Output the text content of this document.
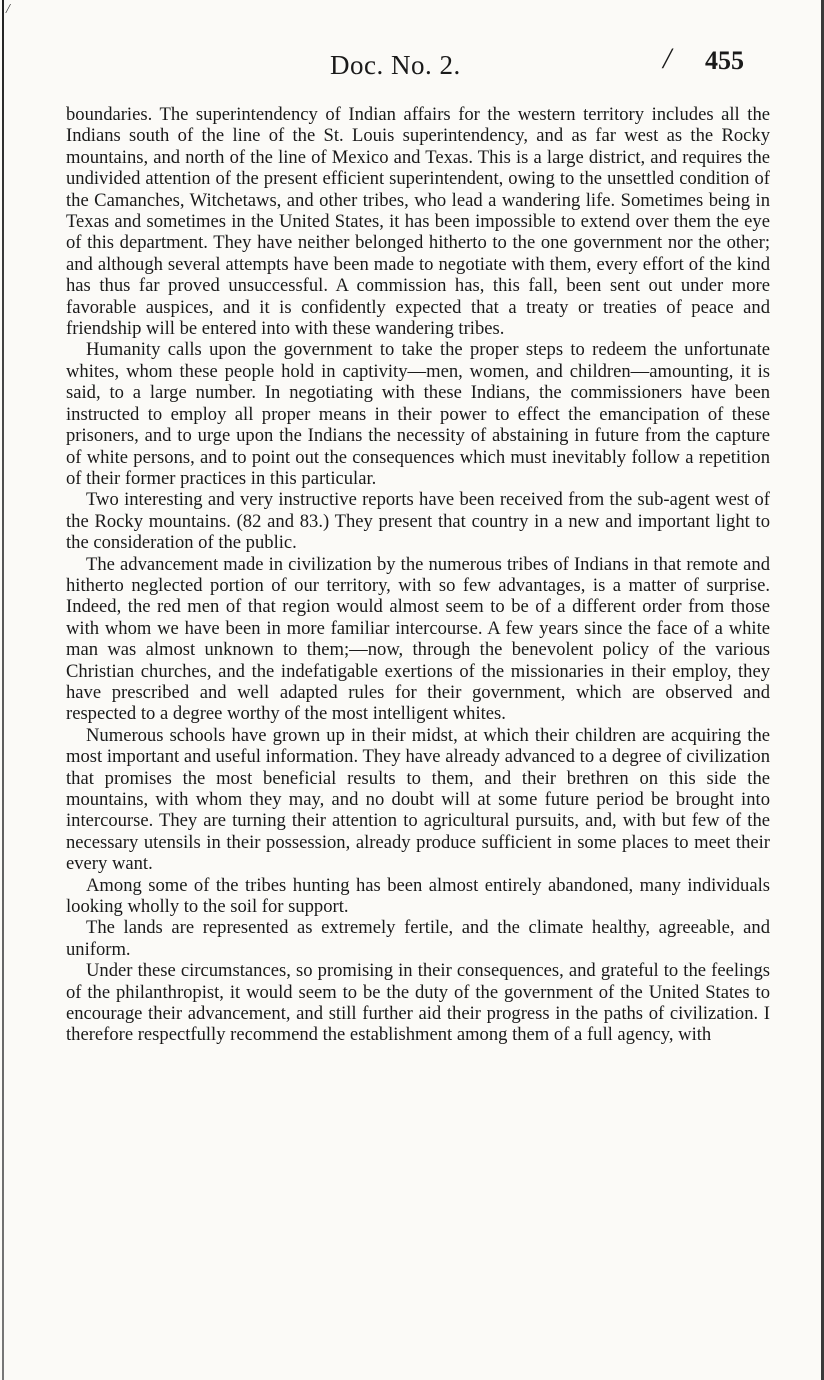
/
Doc. No. 2.	/ 455

boundaries. The superintendency of Indian affairs for the western territory includes all the Indians south of the line of the St. Louis superintendency, and as far west as the Rocky mountains, and north of the line of Mexico and Texas. This is a large district, and requires the undivided attention of the present efficient superintendent, owing to the unsettled condition of the Camanches, Witchetaws, and other tribes, who lead a wandering life. Sometimes being in Texas and sometimes in the United States, it has been impossible to extend over them the eye of this department. They have neither belonged hitherto to the one government nor the other; and although several attempts have been made to negotiate with them, every effort of the kind has thus far proved unsuccessful. A commission has, this fall, been sent out under more favorable auspices, and it is confidently expected that a treaty or treaties of peace and friendship will be entered into with these wandering tribes.

Humanity calls upon the government to take the proper steps to redeem the unfortunate whites, whom these people hold in captivity—men, women, and children—amounting, it is said, to a large number. In negotiating with these Indians, the commissioners have been instructed to employ all proper means in their power to effect the emancipation of these prisoners, and to urge upon the Indians the necessity of abstaining in future from the capture of white persons, and to point out the consequences which must inevitably follow a repetition of their former practices in this particular.

Two interesting and very instructive reports have been received from the sub-agent west of the Rocky mountains. (82 and 83.) They present that country in a new and important light to the consideration of the public.

The advancement made in civilization by the numerous tribes of Indians in that remote and hitherto neglected portion of our territory, with so few advantages, is a matter of surprise. Indeed, the red men of that region would almost seem to be of a different order from those with whom we have been in more familiar intercourse. A few years since the face of a white man was almost unknown to them;—now, through the benevolent policy of the various Christian churches, and the indefatigable exertions of the missionaries in their employ, they have prescribed and well adapted rules for their government, which are observed and respected to a degree worthy of the most intelligent whites.

Numerous schools have grown up in their midst, at which their children are acquiring the most important and useful information. They have already advanced to a degree of civilization that promises the most beneficial results to them, and their brethren on this side the mountains, with whom they may, and no doubt will at some future period be brought into intercourse. They are turning their attention to agricultural pursuits, and, with but few of the necessary utensils in their possession, already produce sufficient in some places to meet their every want.

Among some of the tribes hunting has been almost entirely abandoned, many individuals looking wholly to the soil for support.

The lands are represented as extremely fertile, and the climate healthy, agreeable, and uniform.

Under these circumstances, so promising in their consequences, and grateful to the feelings of the philanthropist, it would seem to be the duty of the government of the United States to encourage their advancement, and still further aid their progress in the paths of civilization. I therefore respectfully recommend the establishment among them of a full agency, with
